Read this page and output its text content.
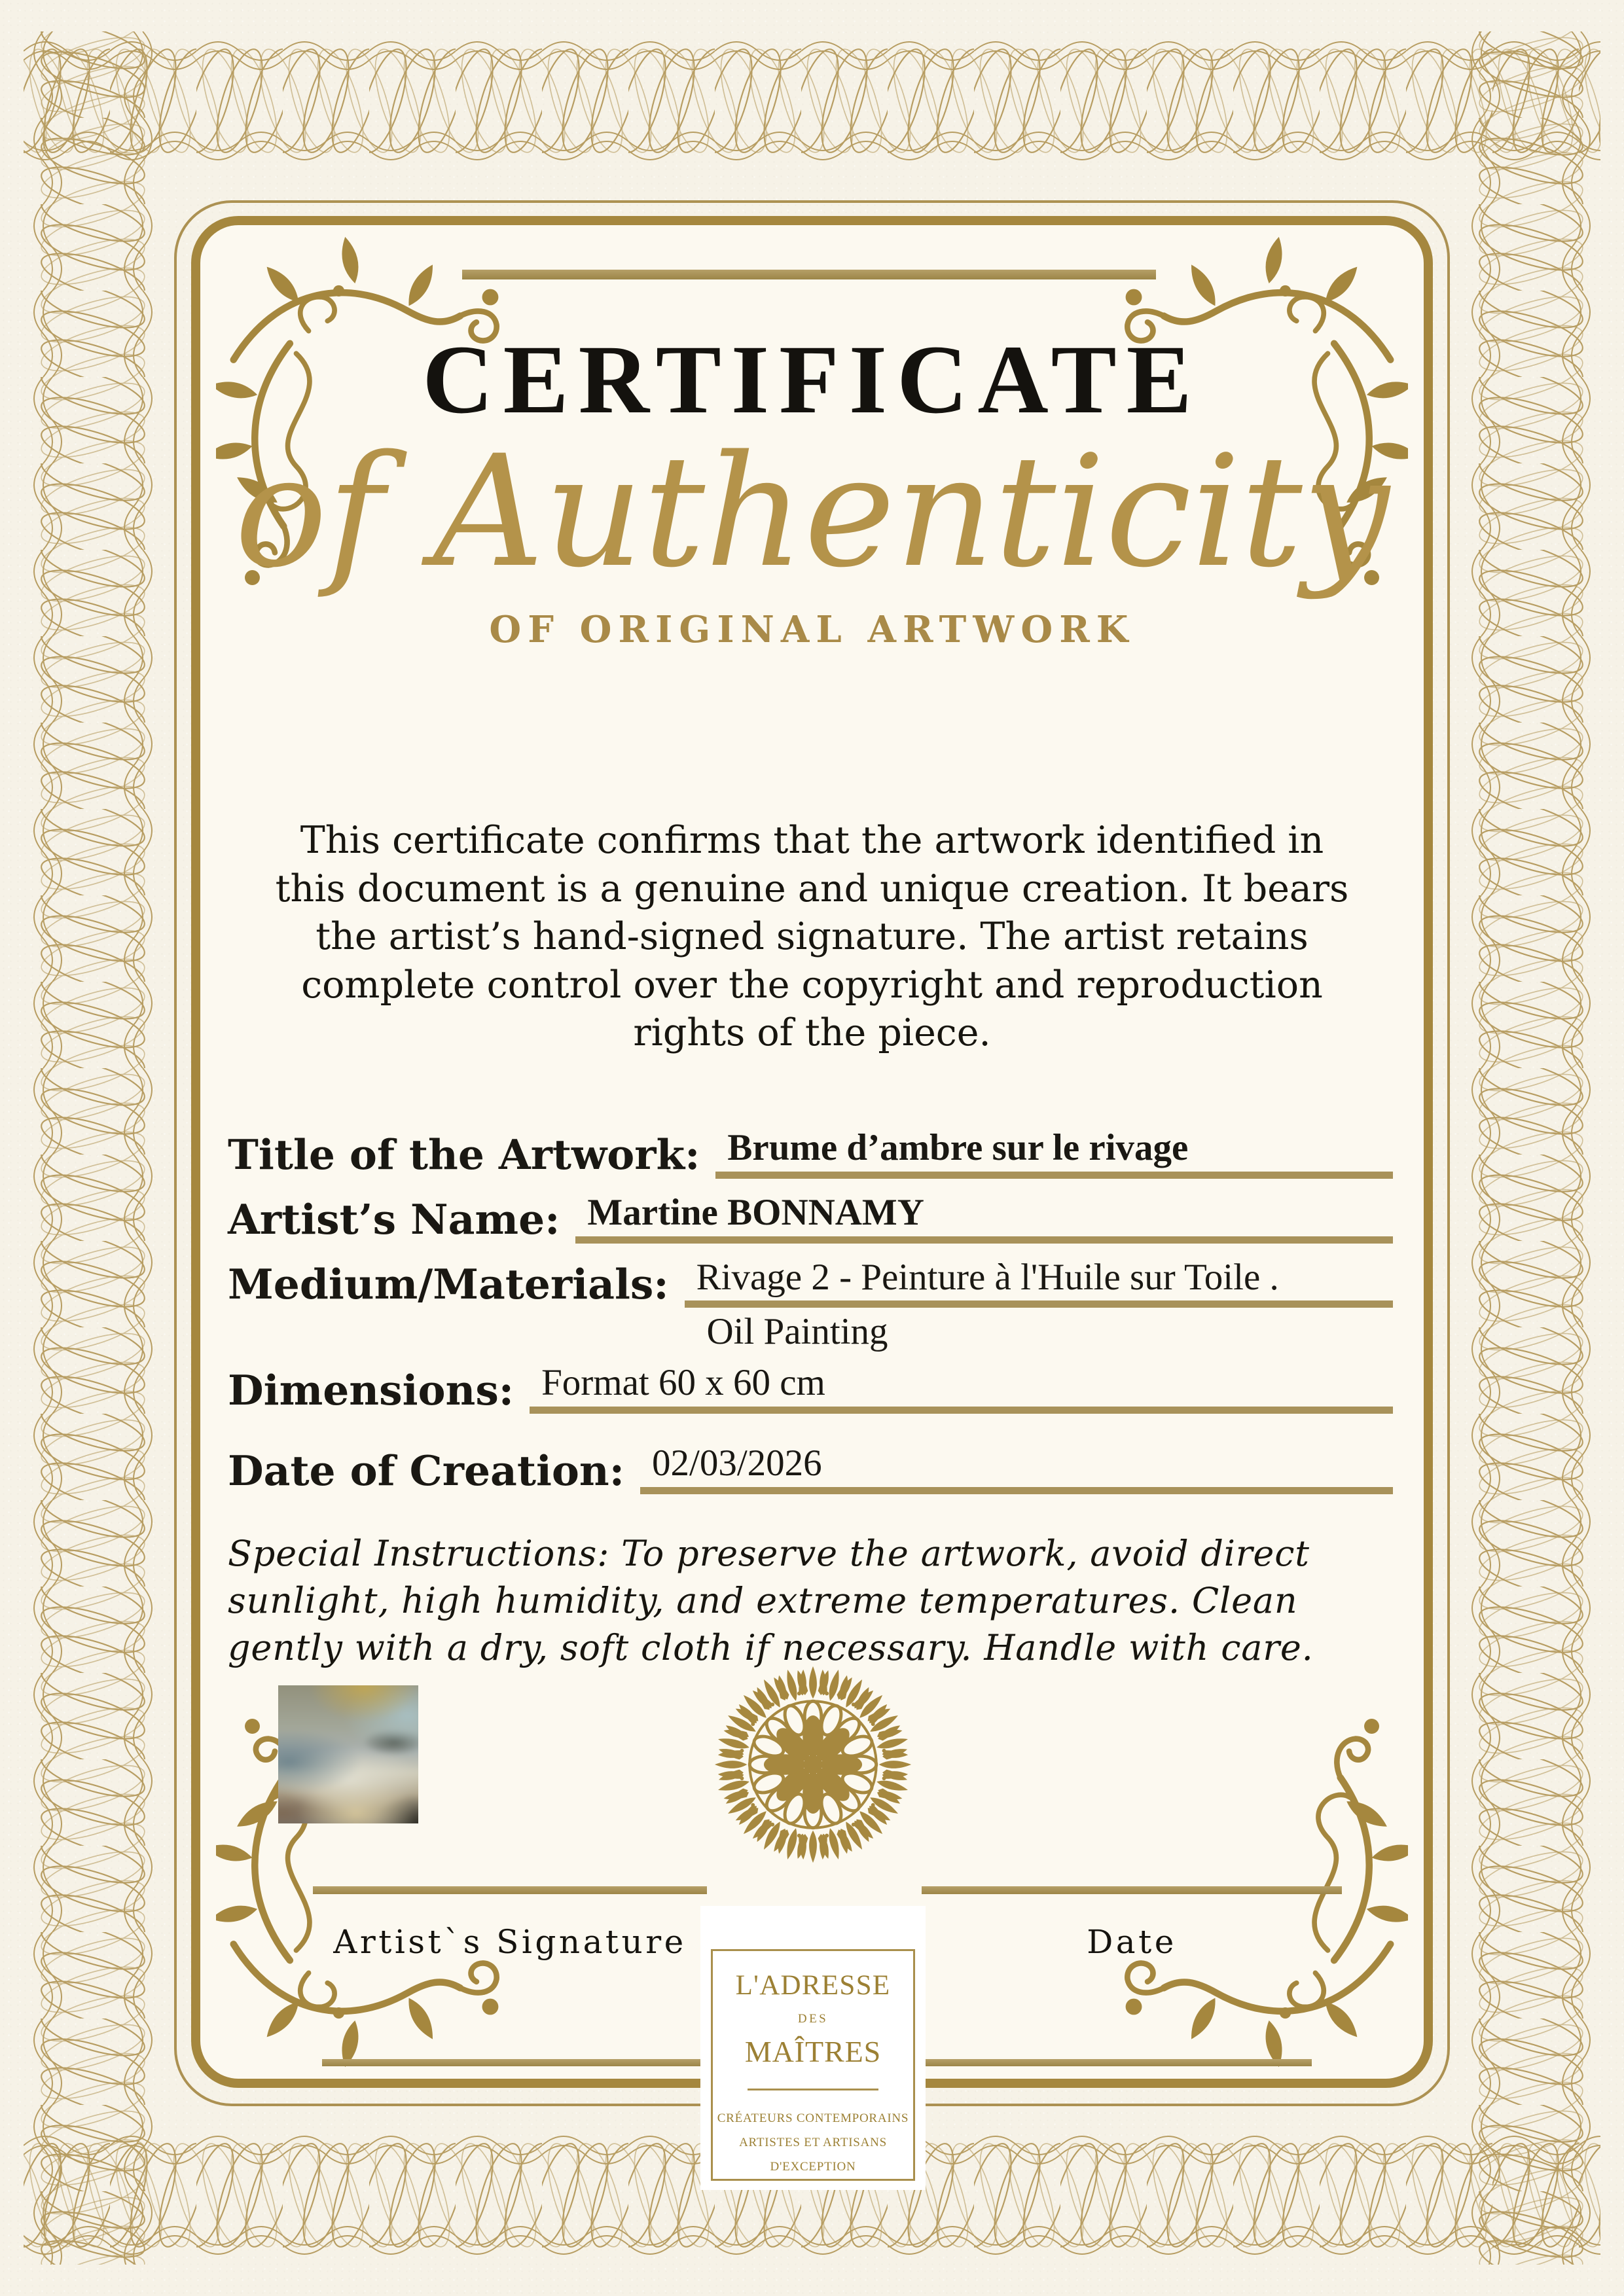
CERTIFICATE
of Authenticity
OF ORIGINAL ARTWORK
This certificate confirms that the artwork identified in this document is a genuine and unique creation. It bears the artist’s hand-signed signature. The artist retains complete control over the copyright and reproduction rights of the piece.
Title of the Artwork: Brume d’ambre sur le rivage
Artist’s Name: Martine BONNAMY
Medium/Materials: Rivage 2 - Peinture à l'Huile sur Toile .
Oil Painting
Dimensions: Format 60 x 60 cm
Date of Creation: 02/03/2026
Special Instructions: To preserve the artwork, avoid direct sunlight, high humidity, and extreme temperatures. Clean gently with a dry, soft cloth if necessary. Handle with care.
Artist`s Signature	Date
L'ADRESSE
DES
MAÎTRES
CRÉATEURS CONTEMPORAINS
ARTISTES ET ARTISANS
D'EXCEPTION
